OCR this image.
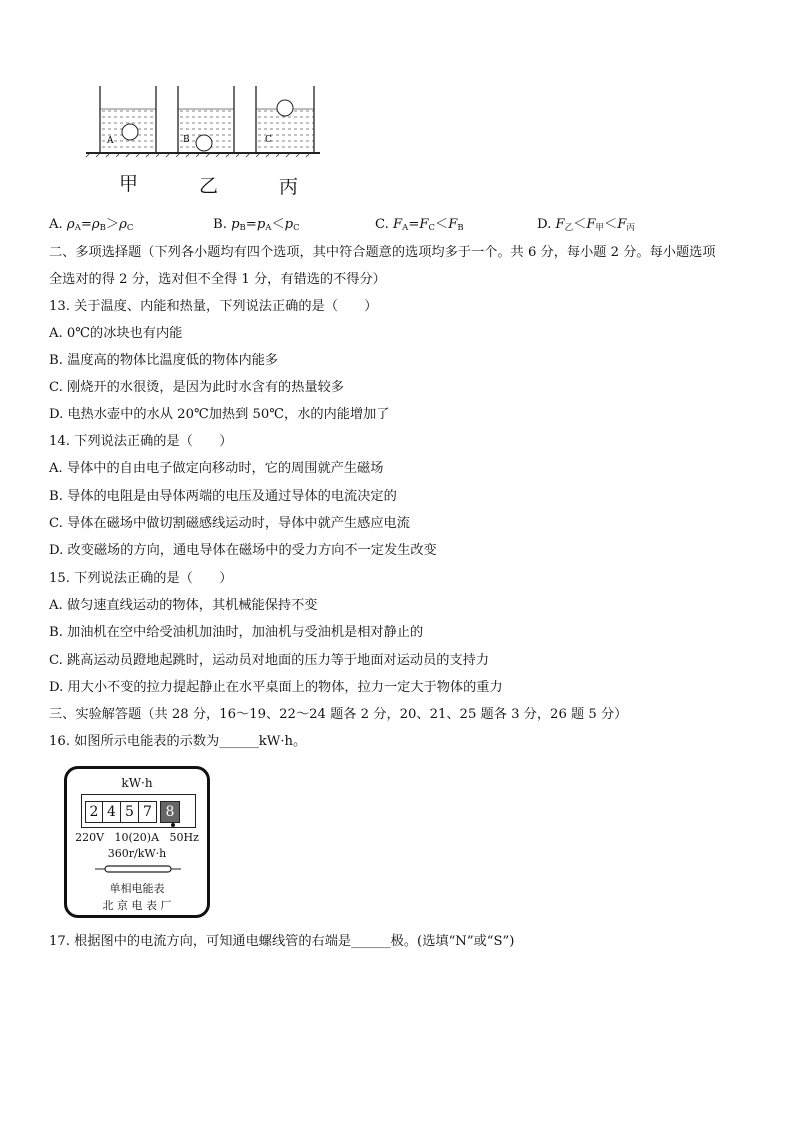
A	B	C
甲	乙	丙
A. $\rho_A=\rho_B>\rho_C$	B. $p_B=p_A<p_C$	C. $F_A=F_C<F_B$	D. $F_乙<F_甲<F_丙$
二、多项选择题（下列各小题均有四个选项，其中符合题意的选项均多于一个。共 6 分，每小题 2 分。每小题选项
全选对的得 2 分，选对但不全得 1 分，有错选的不得分）
13. 关于温度、内能和热量，下列说法正确的是（　　）
A. 0℃的冰块也有内能
B. 温度高的物体比温度低的物体内能多
C. 刚烧开的水很烫，是因为此时水含有的热量较多
D. 电热水壶中的水从 20℃加热到 50℃，水的内能增加了
14. 下列说法正确的是（　　）
A. 导体中的自由电子做定向移动时，它的周围就产生磁场
B. 导体的电阻是由导体两端的电压及通过导体的电流决定的
C. 导体在磁场中做切割磁感线运动时，导体中就产生感应电流
D. 改变磁场的方向，通电导体在磁场中的受力方向不一定发生改变
15. 下列说法正确的是（　　）
A. 做匀速直线运动的物体，其机械能保持不变
B. 加油机在空中给受油机加油时，加油机与受油机是相对静止的
C. 跳高运动员蹬地起跳时，运动员对地面的压力等于地面对运动员的支持力
D. 用大小不变的拉力提起静止在水平桌面上的物体，拉力一定大于物体的重力
三、实验解答题（共 28 分，16～19、22～24 题各 2 分，20、21、25 题各 3 分，26 题 5 分）
16. 如图所示电能表的示数为______kW·h。
kW·h
2 4 5 7 8
220V   10(20)A   50Hz
360r/kW·h
单相电能表
北 京 电 表 厂
17. 根据图中的电流方向，可知通电螺线管的右端是______极。(选填“N”或“S”)
